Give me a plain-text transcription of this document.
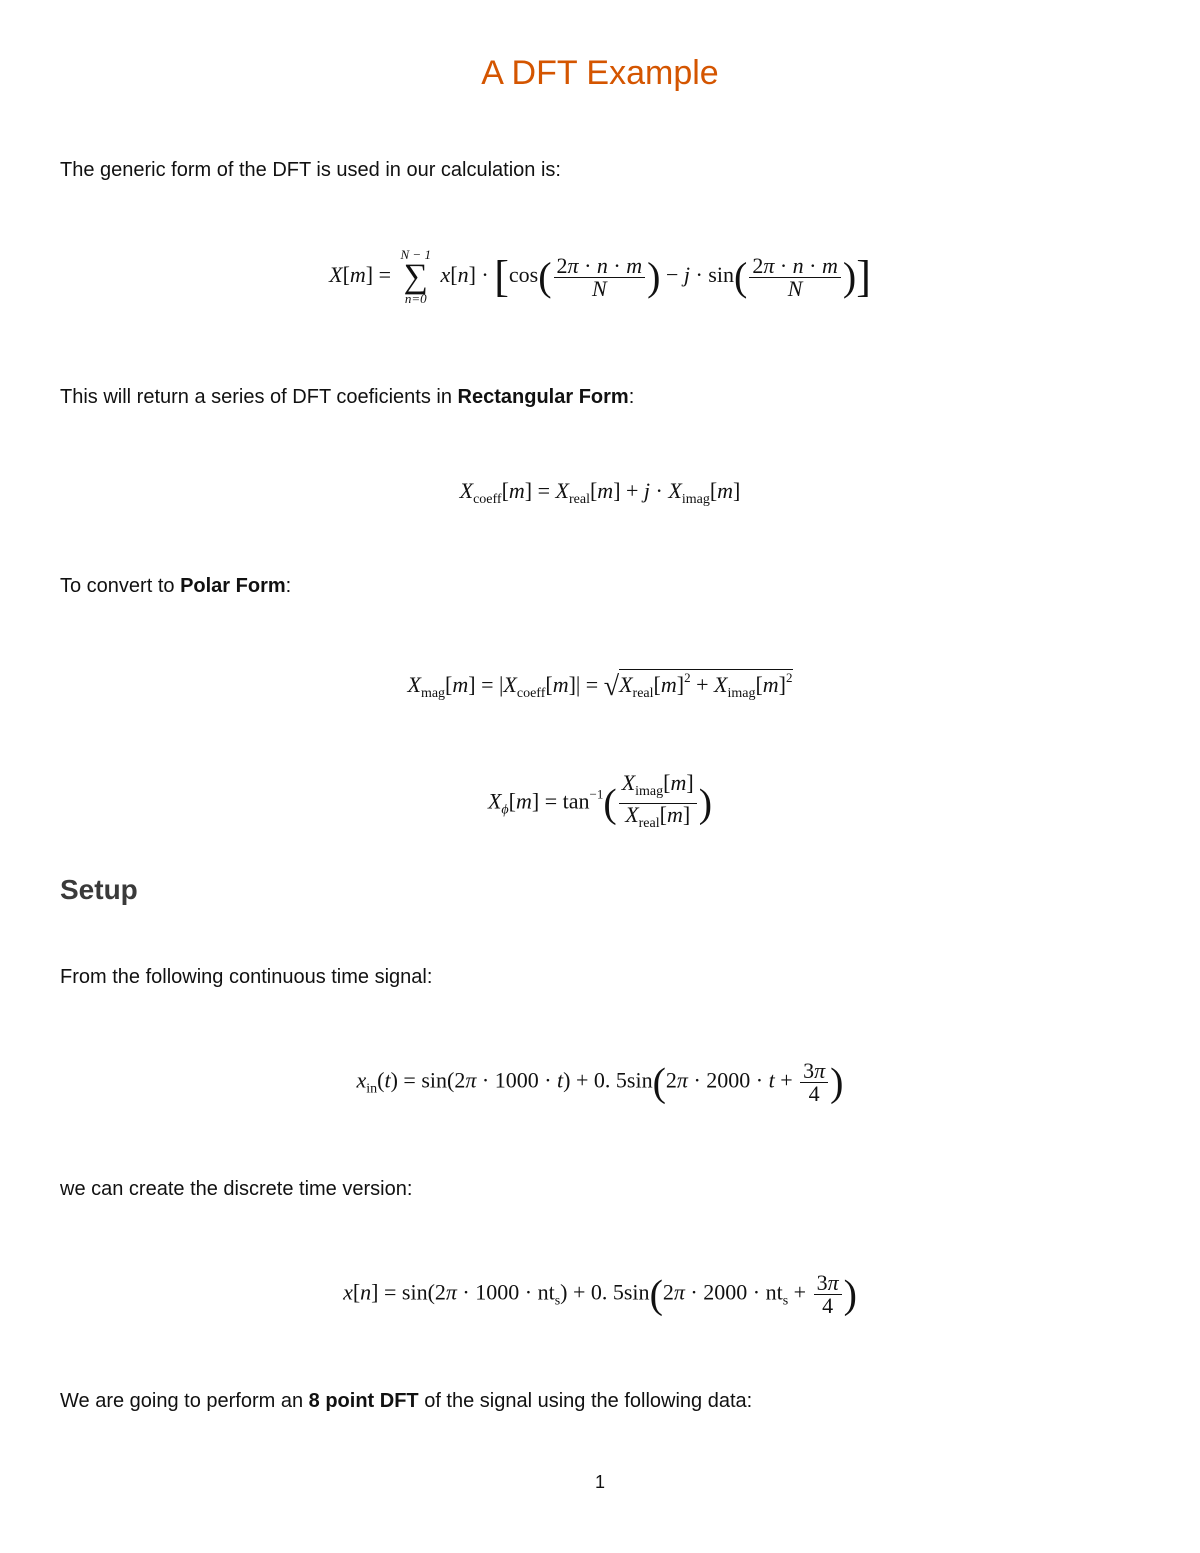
A DFT Example
The generic form of the DFT is used in our calculation is:
X[m] =
N − 1
∑
n=0
$x[n] \cdot [\cos( \frac{2\pi \cdot n \cdot m}{N}$ ) − $j \cdot \sin( \frac{2\pi \cdot n \cdot m}{N}$ )]
This will return a series of DFT coeficients in Rectangular Form:
$X_{coeff}[m] = X_{real}[m] + j \cdot X_{imag}[m]$
To convert to Polar Form:
$X_{mag}[m] = |X_{coeff}[m]| = √X_{real}[m]^2 + X_{imag}[m]^2$
$X_\phi[m] = \tan^{-1}( \frac{X_{imag}[m]}{X_{real}[m]}$ )
Setup
From the following continuous time signal:
$x_{in}(t) = \sin(2\pi \cdot 1000 \cdot t) + 0$. $5\sin(2\pi \cdot 2000 \cdot t + \frac{3\pi}{4}$ )
we can create the discrete time version:
$x[n] = \sin(2\pi \cdot 1000 \cdot nt_s) + 0$. $5\sin(2\pi \cdot 2000 \cdot nt_s + \frac{3\pi}{4}$ )
We are going to perform an 8 point DFT of the signal using the following data:
1
